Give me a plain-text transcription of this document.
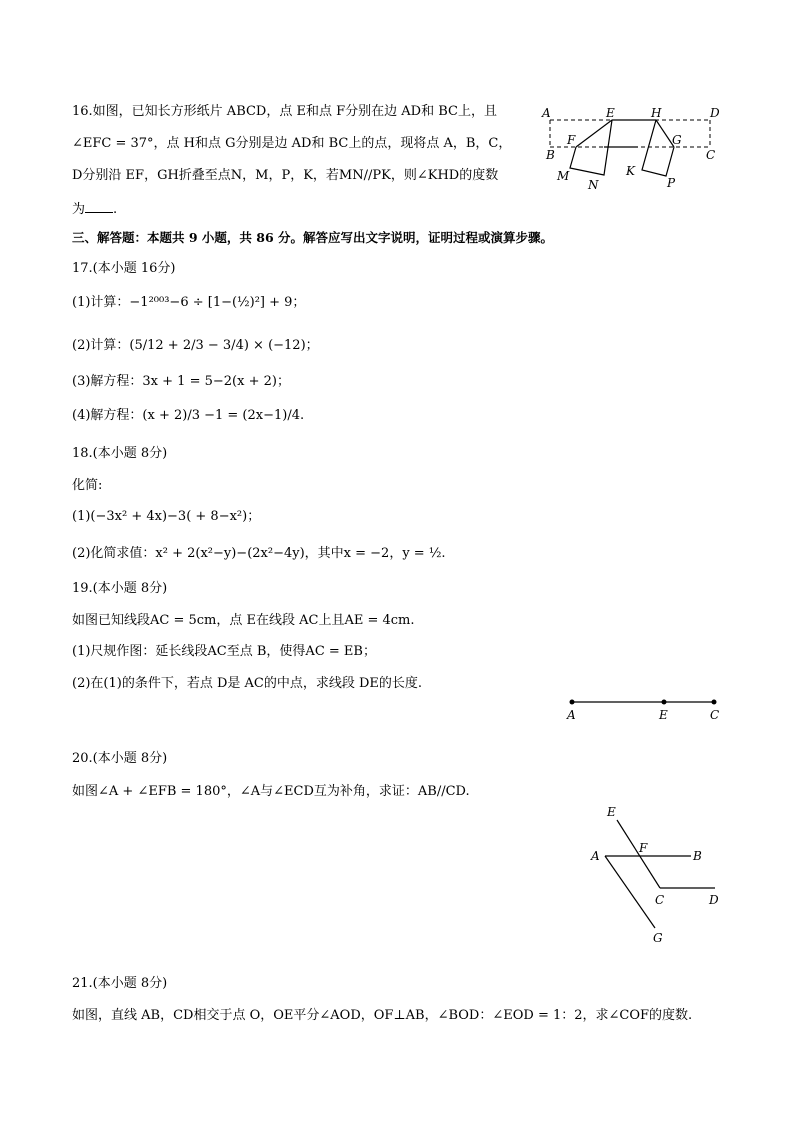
16.如图，已知长方形纸片 ABCD，点 E和点 F分别在边 AD和 BC上，且
∠EFC = 37°，点 H和点 G分别是边 AD和 BC上的点，现将点 A，B，C，
D分别沿 EF，GH折叠至点N，M，P，K，若MN//PK，则∠KHD的度数
为 .
A	E	H	D
B
F	G
C
M
N
K
P
三、解答题：本题共 9 小题，共 86 分。解答应写出文字说明，证明过程或演算步骤。
17.(本小题 16分)
(1)计算：−1²⁰⁰³−6 ÷ [1−(½)²] + 9；
(2)计算：(5/12 + 2/3 − 3/4) × (−12)；
(3)解方程：3x + 1 = 5−2(x + 2)；
(4)解方程：(x + 2)/3 −1 = (2x−1)/4.
18.(本小题 8分)
化简:
(1)(−3x² + 4x)−3( + 8−x²)；
(2)化简求值：x² + 2(x²−y)−(2x²−4y)，其中x = −2，y = ½.
19.(本小题 8分)
如图已知线段AC = 5cm，点 E在线段 AC上且AE = 4cm.
(1)尺规作图：延长线段AC至点 B，使得AC = EB；
(2)在(1)的条件下，若点 D是 AC的中点，求线段 DE的长度.
A	E	C
20.(本小题 8分)
如图∠A + ∠EFB = 180°，∠A与∠ECD互为补角，求证：AB//CD.
E
F
A	B
C	D
G
21.(本小题 8分)
如图，直线 AB，CD相交于点 O，OE平分∠AOD，OF⊥AB，∠BOD：∠EOD = 1：2，求∠COF的度数.
